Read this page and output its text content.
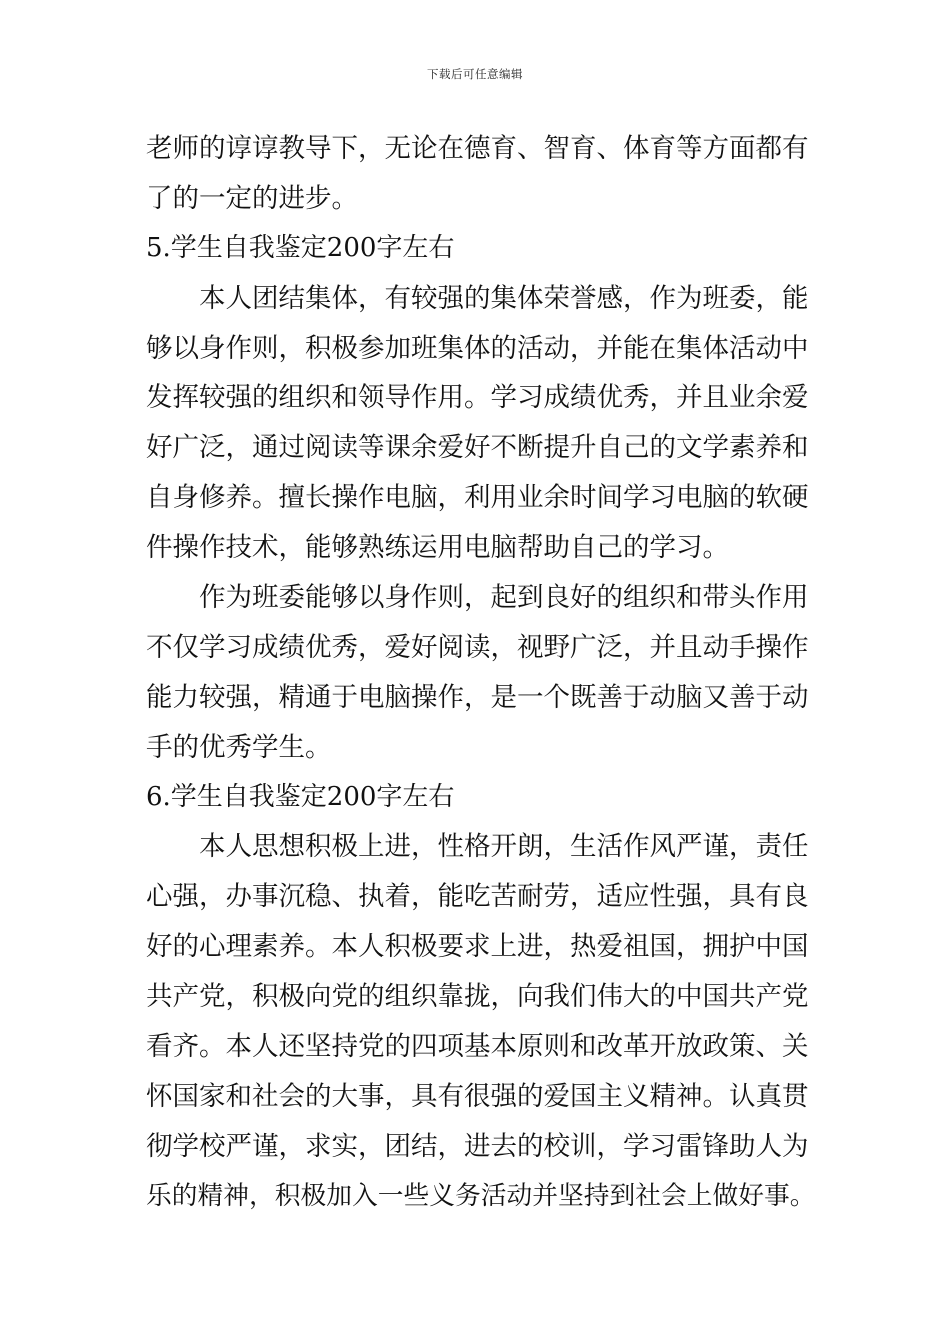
下载后可任意编辑
老师的谆谆教导下，无论在德育、智育、体育等方面都有
了的一定的进步。
5.学生自我鉴定200字左右
本人团结集体，有较强的集体荣誉感，作为班委，能
够以身作则，积极参加班集体的活动，并能在集体活动中
发挥较强的组织和领导作用。学习成绩优秀，并且业余爱
好广泛，通过阅读等课余爱好不断提升自己的文学素养和
自身修养。擅长操作电脑，利用业余时间学习电脑的软硬
件操作技术，能够熟练运用电脑帮助自己的学习。
作为班委能够以身作则，起到良好的组织和带头作用
不仅学习成绩优秀，爱好阅读，视野广泛，并且动手操作
能力较强，精通于电脑操作，是一个既善于动脑又善于动
手的优秀学生。
6.学生自我鉴定200字左右
本人思想积极上进，性格开朗，生活作风严谨，责任
心强，办事沉稳、执着，能吃苦耐劳，适应性强，具有良
好的心理素养。本人积极要求上进，热爱祖国，拥护中国
共产党，积极向党的组织靠拢，向我们伟大的中国共产党
看齐。本人还坚持党的四项基本原则和改革开放政策、关
怀国家和社会的大事，具有很强的爱国主义精神。认真贯
彻学校严谨，求实，团结，进去的校训，学习雷锋助人为
乐的精神，积极加入一些义务活动并坚持到社会上做好事。
